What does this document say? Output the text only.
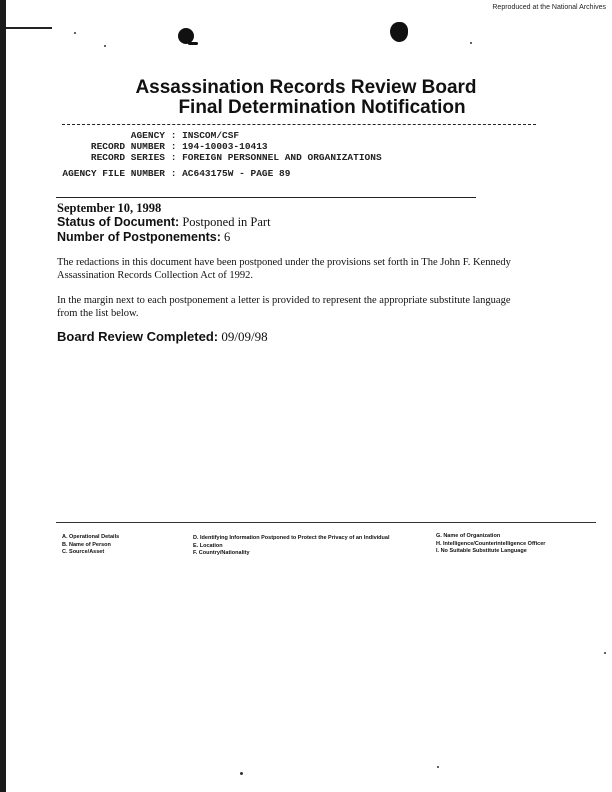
Reproduced at the National Archives
Assassination Records Review Board
Final Determination Notification
AGENCY : INSCOM/CSF
RECORD NUMBER : 194-10003-10413
RECORD SERIES : FOREIGN PERSONNEL AND ORGANIZATIONS
AGENCY FILE NUMBER : AC643175W - PAGE 89
September 10, 1998
Status of Document: Postponed in Part
Number of Postponements: 6
The redactions in this document have been postponed under the provisions set forth in The John F. Kennedy Assassination Records Collection Act of 1992.
In the margin next to each postponement a letter is provided to represent the appropriate substitute language from the list below.
Board Review Completed: 09/09/98
A. Operational Details
B. Name of Person
C. Source/Asset
D. Identifying Information Postponed to Protect the Privacy of an Individual
E. Location
F. Country/Nationality
G. Name of Organization
H. Intelligence/Counterintelligence Officer
I. No Suitable Substitute Language
